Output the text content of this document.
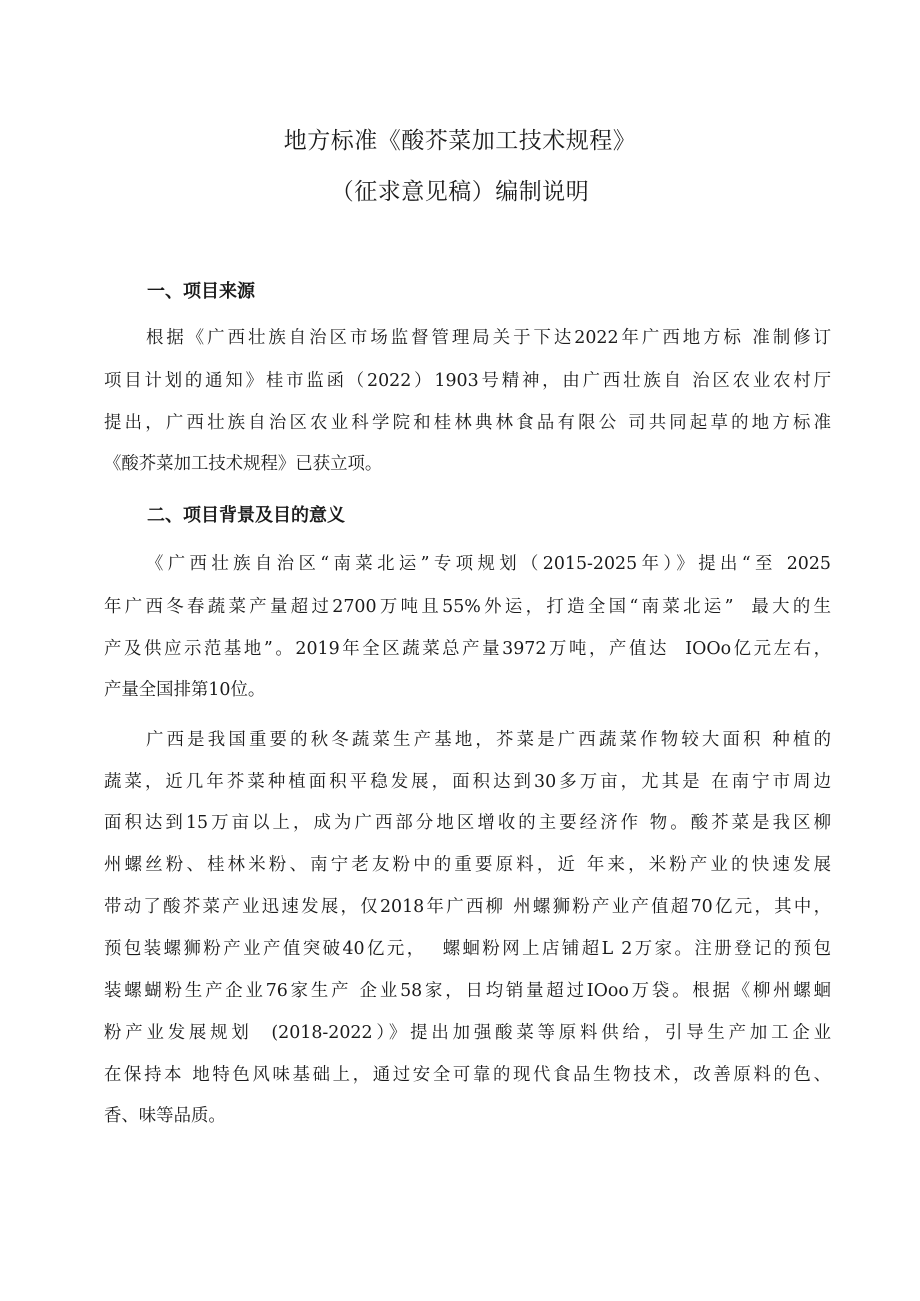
地方标准《酸芥菜加工技术规程》
（征求意见稿）编制说明
一、项目来源

根据《广西壮族自治区市场监督管理局关于下达2022年广西地方标 准制修订

项目计划的通知》桂市监函（2022）1903号精神，由广西壮族自 治区农业农村厅

提出，广西壮族自治区农业科学院和桂林典林食品有限公 司共同起草的地方标准

《酸芥菜加工技术规程》已获立项。

二、项目背景及目的意义

《广西壮族自治区“南菜北运”专项规划（2015-2025年）》提出“至 2025

年广西冬春蔬菜产量超过2700万吨且55%外运，打造全国“南菜北运”  最大的生

产及供应示范基地”。2019年全区蔬菜总产量3972万吨，产值达  IOOo亿元左右，

产量全国排第10位。

广西是我国重要的秋冬蔬菜生产基地，芥菜是广西蔬菜作物较大面积 种植的

蔬菜，近几年芥菜种植面积平稳发展，面积达到30多万亩，尤其是 在南宁市周边

面积达到15万亩以上，成为广西部分地区增收的主要经济作 物。酸芥菜是我区柳

州螺丝粉、桂林米粉、南宁老友粉中的重要原料，近 年来，米粉产业的快速发展

带动了酸芥菜产业迅速发展，仅2018年广西柳 州螺狮粉产业产值超70亿元，其中，

预包装螺狮粉产业产值突破40亿元，  螺蛔粉网上店铺超L 2万家。注册登记的预包

装螺蝴粉生产企业76家生产 企业58家，日均销量超过IOoo万袋。根据《柳州螺蛔

粉产业发展规划  (2018-2022）》提出加强酸菜等原料供给，引导生产加工企业

在保持本 地特色风味基础上，通过安全可靠的现代食品生物技术，改善原料的色、

香、味等品质。
